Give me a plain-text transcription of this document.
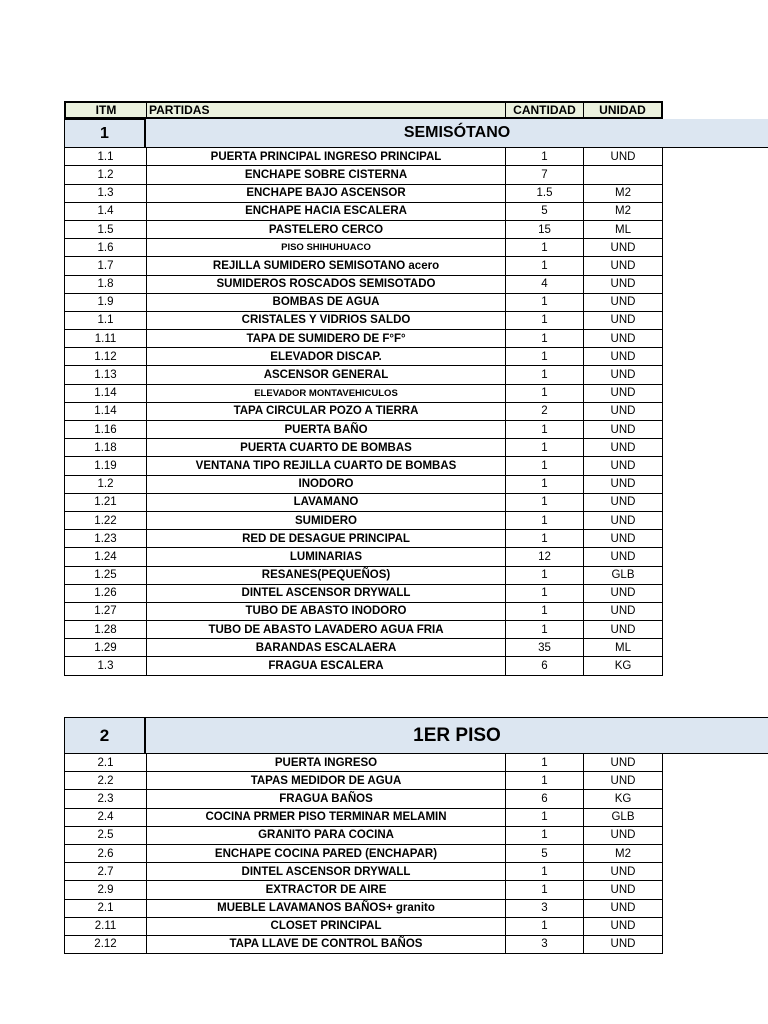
ITM	PARTIDAS	CANTIDAD	UNIDAD
1	SEMISÓTANO
1.1	PUERTA PRINCIPAL INGRESO PRINCIPAL	1	UND
1.2	ENCHAPE SOBRE CISTERNA	7
1.3	ENCHAPE BAJO ASCENSOR	1.5	M2
1.4	ENCHAPE HACIA ESCALERA	5	M2
1.5	PASTELERO CERCO	15	ML
1.6	PISO SHIHUHUACO	1	UND
1.7	REJILLA SUMIDERO SEMISOTANO acero	1	UND
1.8	SUMIDEROS ROSCADOS SEMISOTADO	4	UND
1.9	BOMBAS DE AGUA	1	UND
1.1	CRISTALES Y VIDRIOS SALDO	1	UND
1.11	TAPA DE SUMIDERO DE F°F°	1	UND
1.12	ELEVADOR DISCAP.	1	UND
1.13	ASCENSOR GENERAL	1	UND
1.14	ELEVADOR MONTAVEHICULOS	1	UND
1.14	TAPA CIRCULAR POZO A TIERRA	2	UND
1.16	PUERTA BAÑO	1	UND
1.18	PUERTA CUARTO DE BOMBAS	1	UND
1.19	VENTANA TIPO REJILLA CUARTO DE BOMBAS	1	UND
1.2	INODORO	1	UND
1.21	LAVAMANO	1	UND
1.22	SUMIDERO	1	UND
1.23	RED DE DESAGUE PRINCIPAL	1	UND
1.24	LUMINARIAS	12	UND
1.25	RESANES(PEQUEÑOS)	1	GLB
1.26	DINTEL ASCENSOR DRYWALL	1	UND
1.27	TUBO DE ABASTO INODORO	1	UND
1.28	TUBO DE ABASTO LAVADERO AGUA FRIA	1	UND
1.29	BARANDAS ESCALAERA	35	ML
1.3	FRAGUA ESCALERA	6	KG
2	1ER PISO
2.1	PUERTA INGRESO	1	UND
2.2	TAPAS MEDIDOR DE AGUA	1	UND
2.3	FRAGUA BAÑOS	6	KG
2.4	COCINA PRMER PISO TERMINAR MELAMIN	1	GLB
2.5	GRANITO PARA COCINA	1	UND
2.6	ENCHAPE COCINA PARED (ENCHAPAR)	5	M2
2.7	DINTEL ASCENSOR DRYWALL	1	UND
2.9	EXTRACTOR DE AIRE	1	UND
2.1	MUEBLE LAVAMANOS BAÑOS+ granito	3	UND
2.11	CLOSET PRINCIPAL	1	UND
2.12	TAPA LLAVE DE CONTROL BAÑOS	3	UND
